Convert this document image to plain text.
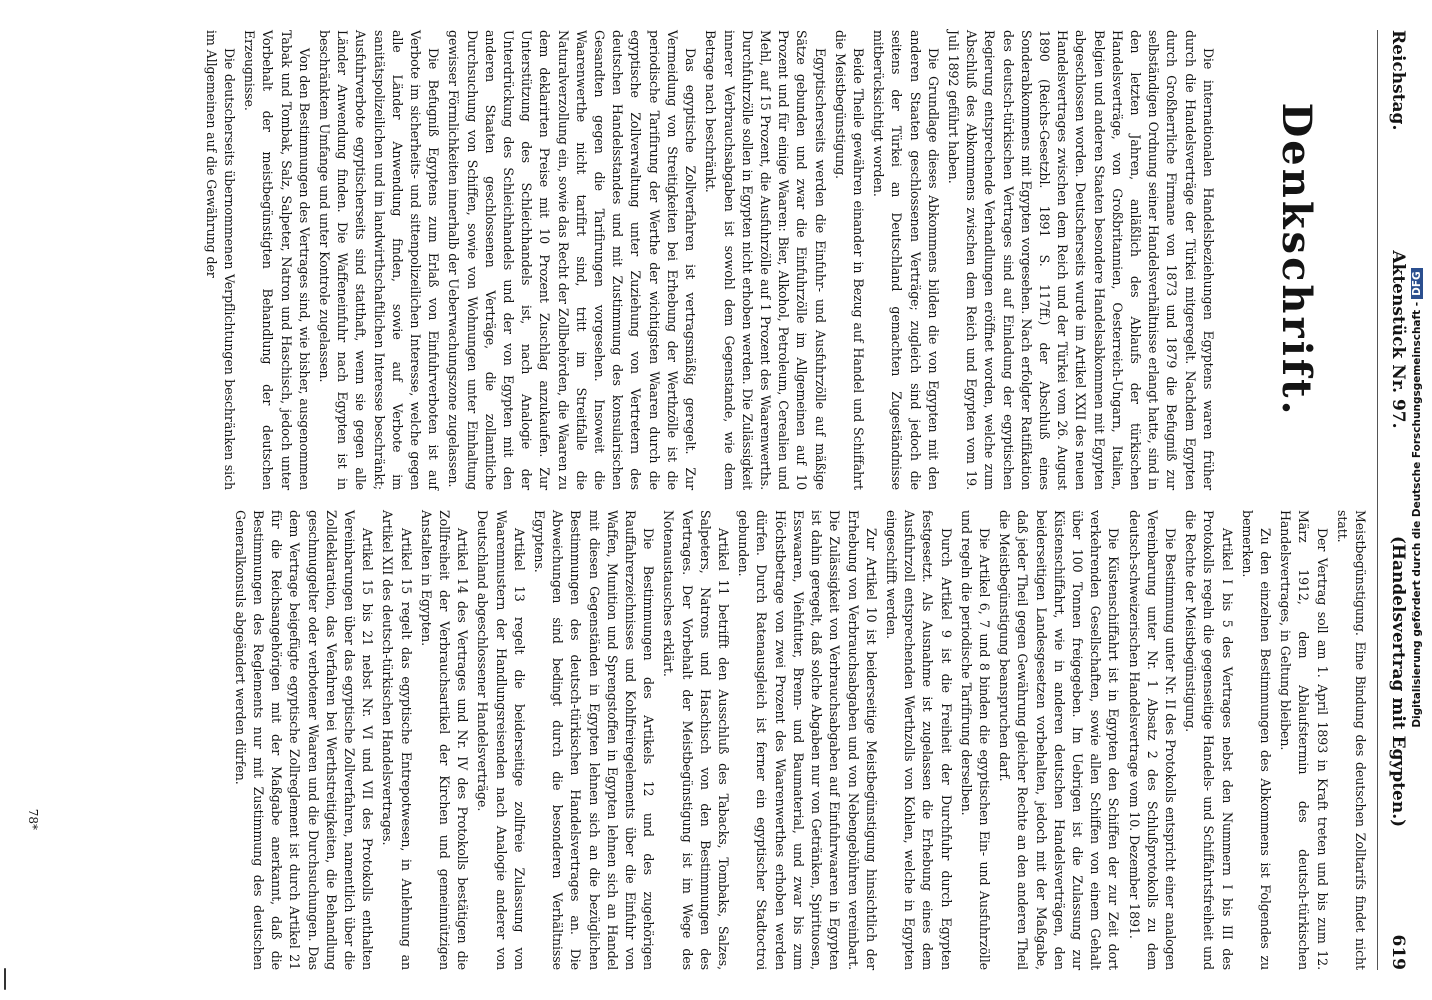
Reichstag.
Aktenstück Nr. 97.
(Handelsvertrag mit Egypten.)
619
Denkschrift.

Die internationalen Handelsbeziehungen Egyptens waren früher durch die Handelsverträge der Türkei mitgeregelt. Nachdem Egypten durch Großherrliche Firmane von 1873 und 1879 die Befugniß zur selbständigen Ordnung seiner Handelsverhältnisse erlangt hatte, sind in den letzten Jahren, anläßlich des Ablaufs der türkischen Handelsverträge, von Großbritannien, Oesterreich-Ungarn, Italien, Belgien und anderen Staaten besondere Handelsabkommen mit Egypten abgeschlossen worden. Deutscherseits wurde im Artikel XXII des neuen Handelsvertrages zwischen dem Reich und der Türkei vom 26. August 1890 (Reichs-Gesetzbl. 1891 S. 117ff.) der Abschluß eines Sonderabkommens mit Egypten vorgesehen. Nach erfolgter Ratifikation des deutsch-türkischen Vertrages sind auf Einladung der egyptischen Regierung entsprechende Verhandlungen eröffnet worden, welche zum Abschluß des Abkommens zwischen dem Reich und Egypten vom 19. Juli 1892 geführt haben.

Die Grundlage dieses Abkommens bilden die von Egypten mit den anderen Staaten geschlossenen Verträge; zugleich sind jedoch die seitens der Türkei an Deutschland gemachten Zugeständnisse mitberücksichtigt worden.

Beide Theile gewähren einander in Bezug auf Handel und Schiffahrt die Meistbegünstigung.

Egyptischerseits werden die Einfuhr- und Ausfuhrzölle auf mäßige Sätze gebunden und zwar die Einfuhrzölle im Allgemeinen auf 10 Prozent und für einige Waaren: Bier, Alkohol, Petroleum, Cerealien und Mehl, auf 15 Prozent, die Ausfuhrzölle auf 1 Prozent des Waarenwerths. Durchfuhrzölle sollen in Egypten nicht erhoben werden. Die Zulässigkeit innerer Verbrauchsabgaben ist sowohl dem Gegenstande, wie dem Betrage nach beschränkt.

Das egyptische Zollverfahren ist vertragsmäßig geregelt. Zur Vermeidung von Streitigkeiten bei Erhebung der Werthzölle ist die periodische Tarifirung der Werthe der wichtigsten Waaren durch die egyptische Zollverwaltung unter Zuziehung von Vertretern des deutschen Handelsstandes und mit Zustimmung des konsularischen Gesandten gegen die Tarifirungen vorgesehen. Insoweit die Waarenwerthe nicht tarifirt sind, tritt im Streitfalle die Naturalverzollung ein, sowie das Recht der Zollbehörden, die Waaren zu dem deklarirten Preise mit 10 Prozent Zuschlag anzukaufen. Zur Unterstützung des Schleichhandels ist, nach Analogie der Unterdrückung des Schleichhandels und der von Egypten mit den anderen Staaten geschlossenen Verträge, die zollamtliche Durchsuchung von Schiffen, sowie von Wohnungen unter Einhaltung gewisser Förmlichkeiten innerhalb der Ueberwachungszone zugelassen.

Die Befugniß Egyptens zum Erlaß von Einfuhrverboten ist auf Verbote im sicherheits- und sittenpolizeilichen Interesse, welche gegen alle Länder Anwendung finden, sowie auf Verbote im sanitätspolizeilichen und im landwirthschaftlichen Interesse beschränkt; Ausfuhrverbote egyptischerseits sind statthaft, wenn sie gegen alle Länder Anwendung finden. Die Waffeneinfuhr nach Egypten ist in beschränktem Umfange und unter Kontrole zugelassen.

Von den Bestimmungen des Vertrages sind, wie bisher, ausgenommen Tabak und Tombak, Salz, Salpeter, Natron und Haschisch, jedoch unter Vorbehalt der meistbegünstigten Behandlung der deutschen Erzeugnisse.

Die deutscherseits übernommenen Verpflichtungen beschränken sich im Allgemeinen auf die Gewährung der

Meistbegünstigung. Eine Bindung des deutschen Zolltarifs findet nicht statt.

Der Vertrag soll am 1. April 1893 in Kraft treten und bis zum 12. März 1912, dem Ablaufstermin des deutsch-türkischen Handelsvertrages, in Geltung bleiben.

Zu den einzelnen Bestimmungen des Abkommens ist Folgendes zu bemerken.

Artikel I bis 5 des Vertrages nebst den Nummern I bis III des Protokolls regeln die gegenseitige Handels- und Schiffahrtsfreiheit und die Rechte der Meistbegünstigung.

Die Bestimmung unter Nr. II des Protokolls entspricht einer analogen Vereinbarung unter Nr. 1 Absatz 2 des Schlußprotokolls zu dem deutsch-schweizerischen Handelsvertrage vom 10. Dezember 1891.

Die Küstenschiffahrt ist in Egypten den Schiffen der zur Zeit dort verkehrenden Gesellschaften, sowie allen Schiffen von einem Gehalt über 100 Tonnen freigegeben. Im Uebrigen ist die Zulassung zur Küstenschiffahrt, wie in anderen deutschen Handelsverträgen, den beiderseitigen Landesgesetzen vorbehalten, jedoch mit der Maßgabe, daß jeder Theil gegen Gewährung gleicher Rechte an den anderen Theil die Meistbegünstigung beanspruchen darf.

Die Artikel 6, 7 und 8 binden die egyptischen Ein- und Ausfuhrzölle und regeln die periodische Tarifirung derselben.

Durch Artikel 9 ist die Freiheit der Durchfuhr durch Egypten festgesetzt. Als Ausnahme ist zugelassen die Erhebung eines dem Ausfuhrzoll entsprechenden Werthzolls von Kohlen, welche in Egypten eingeschifft werden.

Zur Artikel 10 ist beiderseitige Meistbegünstigung hinsichtlich der Erhebung von Verbrauchsabgaben und von Nebengebühren vereinbart. Die Zulässigkeit von Verbrauchsabgaben auf Einfuhrwaaren in Egypten ist dahin geregelt, daß solche Abgaben nur von Getränken, Spirituosen, Esswaaren, Viehfutter, Brenn- und Baumaterial, und zwar bis zum Höchstbetrage von zwei Prozent des Waarenwerthes erhoben werden dürfen. Durch Ratenausgleich ist ferner ein egyptischer Stadtoctroi gebunden.

Artikel 11 betrifft den Ausschluß des Tabacks, Tombaks, Salzes, Salpeters, Natrons und Haschisch von den Bestimmungen des Vertrages. Der Vorbehalt der Meistbegünstigung ist im Wege des Notenaustausches erklärt.

Die Bestimmungen des Artikels 12 und des zugehörigen Rauffahrerzeichnisses und Kohlfreiregelements über die Einfuhr von Waffen, Munition und Sprengstoffen in Egypten lehnen sich an Handel mit diesen Gegenständen in Egypten lehnen sich an die bezüglichen Bestimmungen des deutsch-türkischen Handelsvertrages an. Die Abweichungen sind bedingt durch die besonderen Verhältnisse Egyptens.

Artikel 13 regelt die beiderseitige zollfreie Zulassung von Waarenmustern der Handlungsreisenden nach Analogie anderer von Deutschland abgeschlossener Handelsverträge.

Artikel 14 des Vertrages und Nr. IV des Protokolls bestätigen die Zollfreiheit der Verbrauchsartikel der Kirchen und gemeinnützigen Anstalten in Egypten.

Artikel 15 regelt das egyptische Entrepotwesen, in Anlehnung an Artikel XII des deutsch-türkischen Handelsvertrages.

Artikel 15 bis 21 nebst Nr. VI und VII des Protokolls enthalten Vereinbarungen über das egyptische Zollverfahren, namentlich über die Zolldeklaration, das Verfahren bei Werthstreitigkeiten, die Behandlung geschmuggelter oder verbotener Waaren und die Durchsuchungen. Das dem Vertrage beigefügte egyptische Zollreglement ist durch Artikel 21 für die Reichsangehörigen mit der Maßgabe anerkannt, daß die Bestimmungen des Reglements nur mit Zustimmung des deutschen Generalkonsuls abgeändert werden dürfen.

78*
Digitalisierung gefördert durch die Deutsche Forschungsgemeinschaft -DFG
